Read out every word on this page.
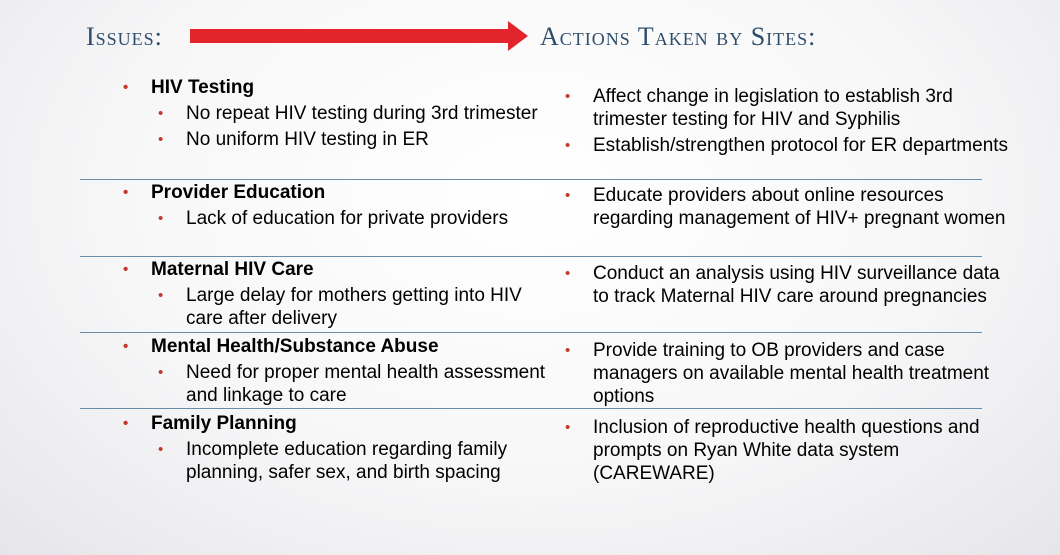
Issues:	Actions Taken by Sites:
• HIV Testing
• No repeat HIV testing during 3rd trimester
• No uniform HIV testing in ER
• Affect change in legislation to establish 3rd trimester testing for HIV and Syphilis
• Establish/strengthen protocol for ER departments
• Provider Education
• Lack of education for private providers
• Educate providers about online resources regarding management of HIV+ pregnant women
• Maternal HIV Care
• Large delay for mothers getting into HIV care after delivery
• Conduct an analysis using HIV surveillance data to track Maternal HIV care around pregnancies
• Mental Health/Substance Abuse
• Need for proper mental health assessment and linkage to care
• Provide training to OB providers and case managers on available mental health treatment options
• Family Planning
• Incomplete education regarding family planning, safer sex, and birth spacing
• Inclusion of reproductive health questions and prompts on Ryan White data system (CAREWARE)
